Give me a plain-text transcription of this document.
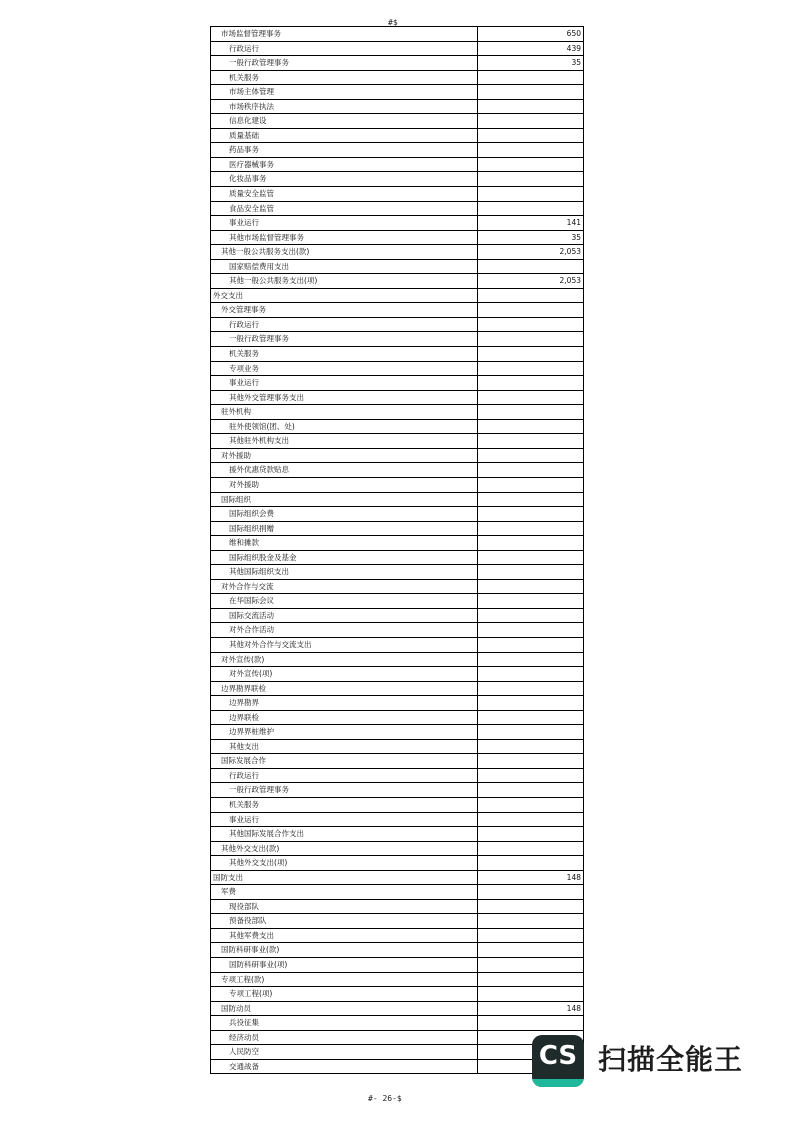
#$
市场监督管理事务	650
行政运行	439
一般行政管理事务	35
机关服务
市场主体管理
市场秩序执法
信息化建设
质量基础
药品事务
医疗器械事务
化妆品事务
质量安全监管
食品安全监管
事业运行	141
其他市场监督管理事务	35
其他一般公共服务支出(款)	2,053
国家赔偿费用支出
其他一般公共服务支出(项)	2,053
外交支出
外交管理事务
行政运行
一般行政管理事务
机关服务
专项业务
事业运行
其他外交管理事务支出
驻外机构
驻外使领馆(团、处)
其他驻外机构支出
对外援助
援外优惠贷款贴息
对外援助
国际组织
国际组织会费
国际组织捐赠
维和摊款
国际组织股金及基金
其他国际组织支出
对外合作与交流
在华国际会议
国际交流活动
对外合作活动
其他对外合作与交流支出
对外宣传(款)
对外宣传(项)
边界勘界联检
边界勘界
边界联检
边界界桩维护
其他支出
国际发展合作
行政运行
一般行政管理事务
机关服务
事业运行
其他国际发展合作支出
其他外交支出(款)
其他外交支出(项)
国防支出	148
军费
现役部队
预备役部队
其他军费支出
国防科研事业(款)
国防科研事业(项)
专项工程(款)
专项工程(项)
国防动员	148
兵役征集
经济动员
人民防空
交通战备
#- 26-$
CS 扫描全能王
